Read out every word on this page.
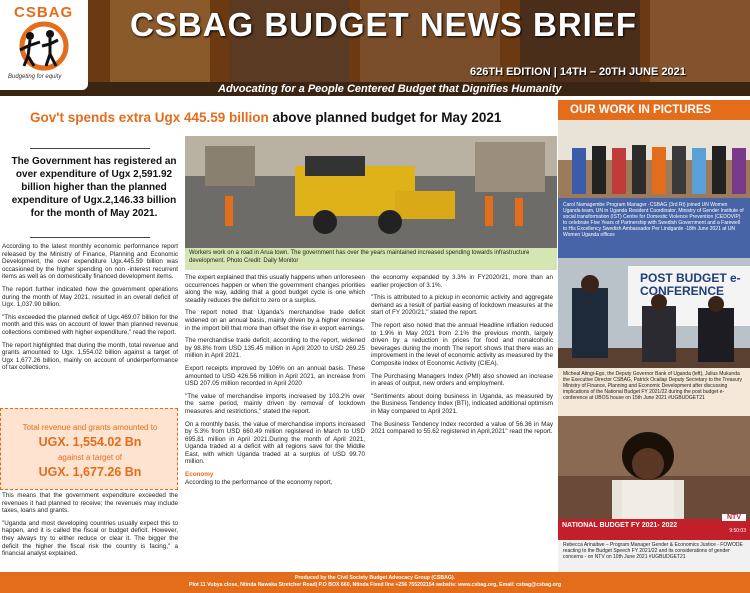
CSBAG
Budgeting for equity
CSBAG BUDGET NEWS BRIEF
626TH EDITION | 14TH – 20TH JUNE 2021
Advocating for a People Centered Budget that Dignifies Humanity
Gov't spends extra Ugx 445.59 billion above planned budget for May 2021
The Government has registered an over expenditure of Ugx 2,591.92 billion higher than the planned expenditure of Ugx.2,146.33 billion for the month of May 2021.

According to the latest monthly economic performance report released by the Ministry of Finance, Planning and Economic Development, the over expenditure Ugx.445.59 billion was occasioned by the higher spending on non -interest recurrent items as well as on domestically financed development items.

The report further indicated how the government operations during the month of May 2021, resulted in an overall deficit of Ugx. 1,037.90 billion.

"This exceeded the planned deficit of Ugx.469.07 billion for the month and this was on account of lower than planned revenue collections combined with higher expenditure," read the report.

The report highlighted that during the month, total revenue and grants amounted to Ugx. 1,554.02 billion against a target of Ugx 1,677.26 billion, mainly on account of underperformance of tax collections.

Total revenue and grants amounted to
UGX. 1,554.02 Bn
against a target of
UGX. 1,677.26 Bn

This means that the government expenditure exceeded the revenues it had planned to receive; the revenues may include taxes, loans and grants.

"Uganda and most developing countries usually expect this to happen, and it is called the fiscal or budget deficit. However, they always try to either reduce or clear it. The bigger the deficit the higher the fiscal risk the country is facing," a financial analyst explained.

Workers work on a road in Arua town. The government has over the years maintained increased spending towards infrastructure development. Photo Credit: Daily Monitor

The expert explained that this usually happens when unforeseen occurrences happen or when the government changes priorities along the way, adding that a good budget cycle is one which steadily reduces the deficit to zero or a surplus.

The report noted that Uganda's merchandise trade deficit widened on an annual basis, mainly driven by a higher increase in the import bill that more than offset the rise in export earnings.

The merchandise trade deficit, according to the report, widened by 98.8% from USD 135.45 million in April 2020 to USD 269.25 million in April 2021.

Export receipts improved by 106% on an annual basis. These amounted to USD 426.56 million in April 2021, an increase from USD 207.05 million recorded in April 2020

"The value of merchandise imports increased by 103.2% over the same period, mainly driven by removal of lockdown measures and restrictions," stated the report.

On a monthly basis, the value of merchandise imports increased by 5.3% from USD 660.49 million registered in March to USD 695.81 million in April 2021.During the month of April 2021, Uganda traded at a deficit with all regions save for the Middle East, with which Uganda traded at a surplus of USD 99.70 million.

Economy
According to the performance of the economy report,

the economy expanded by 3.3% in FY2020/21, more than an earlier projection of 3.1%.

"This is attributed to a pickup in economic activity and aggregate demand as a result of partial easing of lockdown measures at the start of FY 2020/21," stated the report.

The report also noted that the annual Headline inflation reduced to 1.9% in May 2021 from 2.1% the previous month, largely driven by a reduction in prices for food and nonalcoholic beverages during the month The report shows that there was an improvement in the level of economic activity as measured by the Composite Index of Economic Activity (CIEA).

The Purchasing Managers Index (PMI) also showed an increase in areas of output, new orders and employment.

"Sentiments about doing business in Uganda, as measured by the Business Tendency Index (BTI), indicated additional optimism in May compared to April 2021.

The Business Tendency Index recorded a value of 56.36 in May 2021 compared to 55.62 registered in April,2021" read the report.

OUR WORK IN PICTURES
Carol Namagembe Program Manager -CSBAG (3rd Rt) joined UN Women Uganda team, UN in Uganda Resident Coordinator, Ministry of Gender Institute of social transformation (IST) Centre for Domestic Violence Prevention (CEDOVIP) to celebrate Five Years of Partnership with Swedish Government and a Farewell to His Excellency Swedish Ambassador Per Lindgarde -18th June 2021 at UN Women Uganda offices
POST BUDGET e-CONFERENCE
Micheal Atingi-Ego, the Deputy Governor Bank of Uganda (left), Julius Mukunda the Executive Director CSBAG, Patrick Ocailap Deputy Secretary to the Treasury Ministry of Finance, Planning and Economic Development after discussing implications of the National Budget FY 2021/22 during the post budget e-conference at UBOS house on 15th June 2021 #UGBUDGET21
NATIONAL BUDGET FY 2021- 2022
NTV
9:50:03
Rebecca Arinaitwe – Program Manager Gender & Economics Justice - FOWODE reacting to the Budget Speech FY 2021/22 and its considerations of gender concerns - on NTV on 10th June 2021 #UGBUDGET21
Produced by the Civil Society Budget Advocacy Group (CSBAG).
Plot 11 Vubya close, Ntinda Nawaka Stretcher Road| P.O BOX 660, Ntinda Fixed line +256 755202154 website: www.csbag.org, Email: csbag@csbag.org
